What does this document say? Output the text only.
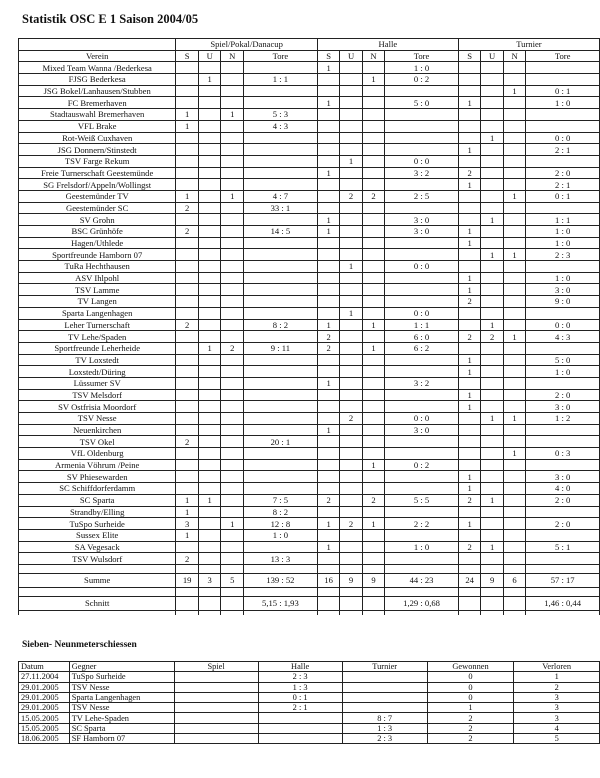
Statistik OSC E 1 Saison 2004/05
	Spiel/Pokal/Danacup				Halle				Turnier			
Verein	S	U	N	Tore	S	U	N	Tore	S	U	N	Tore
Mixed Team Wanna /Bederkesa					1			1 : 0				
FJSG Bederkesa		1		1 : 1			1	0 : 2				
JSG Bokel/Lanhausen/Stubben											1	0 : 1
FC Bremerhaven					1			5 : 0	1			1 : 0
Stadtauswahl Bremerhaven	1		1	5 : 3								
VFL Brake	1			4 : 3								
Rot-Weiß Cuxhaven										1		0 : 0
JSG Donnern/Stinstedt									1			2 : 1
TSV Farge Rekum						1		0 : 0				
Freie Turnerschaft Geestemünde					1			3 : 2	2			2 : 0
SG Frelsdorf/Appeln/Wollingst									1			2 : 1
Geestemünder TV	1		1	4 : 7		2	2	2 : 5			1	0 : 1
Geestemünder SC	2			33 : 1								
SV Grohn					1			3 : 0		1		1 : 1
BSC Grünhöfe	2			14 : 5	1			3 : 0	1			1 : 0
Hagen/Uthlede									1			1 : 0
Sportfreunde Hamborn 07										1	1	2 : 3
TuRa Hechthausen						1		0 : 0				
ASV Ihlpohl									1			1 : 0
TSV Lamme									1			3 : 0
TV Langen									2			9 : 0
Sparta Langenhagen						1		0 : 0				
Leher Turnerschaft	2			8 : 2	1		1	1 : 1		1		0 : 0
TV Lehe/Spaden					2			6 : 0	2	2	1	4 : 3
Sportfreunde Leherheide		1	2	9 : 11	2		1	6 : 2				
TV Loxstedt									1			5 : 0
Loxstedt/Düring									1			1 : 0
Lüssumer SV					1			3 : 2				
TSV Melsdorf									1			2 : 0
SV Ostfrisia Moordorf									1			3 : 0
TSV Nesse						2		0 : 0		1	1	1 : 2
Neuenkirchen					1			3 : 0				
TSV Okel	2			20 : 1								
VfL Oldenburg											1	0 : 3
Armenia Vöhrum /Peine							1	0 : 2				
SV Phiesewarden									1			3 : 0
SC Schiffdorferdamm									1			4 : 0
SC Sparta	1	1		7 : 5	2		2	5 : 5	2	1		2 : 0
Strandby/Elling	1			8 : 2								
TuSpo Surheide	3		1	12 : 8	1	2	1	2 : 2	1			2 : 0
Sussex Elite	1			1 : 0								
SA Vegesack					1			1 : 0	2	1		5 : 1
TSV Wulsdorf	2			13 : 3								

Summe	19	3	5	139 : 52	16	9	9	44 : 23	24	9	6	57 : 17

Schnitt				5,15 : 1,93				1,29 : 0,68				1,46 : 0,44

Sieben- Neunmeterschiessen
Datum	Gegner	Spiel	Halle	Turnier	Gewonnen	Verloren
27.11.2004	TuSpo Surheide		2 : 3		0	1
29.01.2005	TSV Nesse		1 : 3		0	2
29.01.2005	Sparta Langenhagen		0 : 1		0	3
29.01.2005	TSV Nesse		2 : 1		1	3
15.05.2005	TV Lehe-Spaden			8 : 7	2	3
15.05.2005	SC Sparta			1 : 3	2	4
18.06.2005	SF Hamborn 07			2 : 3	2	5
